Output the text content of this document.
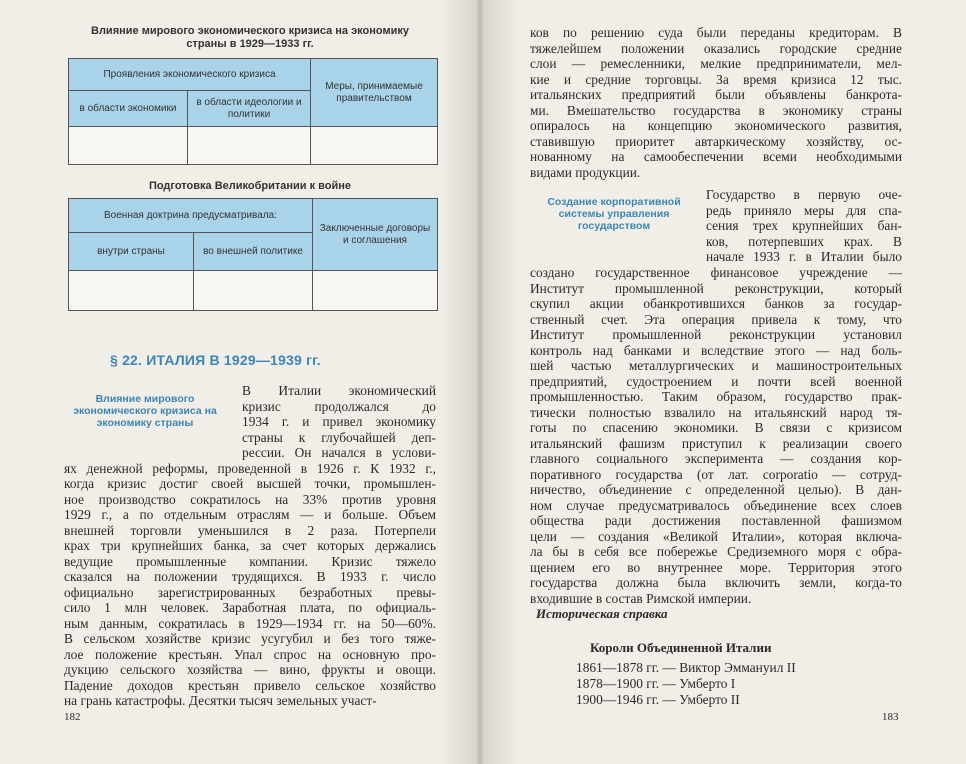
Влияние мирового экономического кризиса на экономику
страны в 1929—1933 гг.
Проявления экономического кризиса		Меры, принимаемые правительством
в области экономики	в области идеологии и политики	

Подготовка Великобритании к войне
Военная доктрина предусматривала:		Заключенные договоры и соглашения
внутри страны	во внешней политике	

§ 22. ИТАЛИЯ В 1929—1939 гг.
Влияние мирового экономического кризиса на экономику страны
В Италии экономический
кризис продолжался до
1934 г. и привел экономику
страны к глубочайшей деп-
рессии. Он начался в услови-
ях денежной реформы, проведенной в 1926 г. К 1932 г.,
когда кризис достиг своей высшей точки, промышлен-
ное производство сократилось на 33% против уровня
1929 г., а по отдельным отраслям — и больше. Объем
внешней торговли уменьшился в 2 раза. Потерпели
крах три крупнейших банка, за счет которых держались
ведущие промышленные компании. Кризис тяжело
сказался на положении трудящихся. В 1933 г. число
официально зарегистрированных безработных превы-
сило 1 млн человек. Заработная плата, по официаль-
ным данным, сократилась в 1929—1934 гг. на 50—60%.
В сельском хозяйстве кризис усугубил и без того тяже-
лое положение крестьян. Упал спрос на основную про-
дукцию сельского хозяйства — вино, фрукты и овощи.
Падение доходов крестьян привело сельское хозяйство
на грань катастрофы. Десятки тысяч земельных участ-
182
ков по решению суда были переданы кредиторам. В
тяжелейшем положении оказались городские средние
слои — ремесленники, мелкие предприниматели, мел-
кие и средние торговцы. За время кризиса 12 тыс.
итальянских предприятий были объявлены банкрота-
ми. Вмешательство государства в экономику страны
опиралось на концепцию экономического развития,
ставившую приоритет автаркическому хозяйству, ос-
нованному на самообеспечении всеми необходимыми
видами продукции.
Создание корпоративной системы управления государством
Государство в первую оче-
редь приняло меры для спа-
сения трех крупнейших бан-
ков, потерпевших крах. В
начале 1933 г. в Италии было
создано государственное финансовое учреждение —
Институт промышленной реконструкции, который
скупил акции обанкротившихся банков за государ-
ственный счет. Эта операция привела к тому, что
Институт промышленной реконструкции установил
контроль над банками и вследствие этого — над боль-
шей частью металлургических и машиностроительных
предприятий, судостроением и почти всей военной
промышленностью. Таким образом, государство прак-
тически полностью взвалило на итальянский народ тя-
готы по спасению экономики. В связи с кризисом
итальянский фашизм приступил к реализации своего
главного социального эксперимента — создания кор-
поративного государства (от лат. corporatio — сотруд-
ничество, объединение с определенной целью). В дан-
ном случае предусматривалось объединение всех слоев
общества ради достижения поставленной фашизмом
цели — создания «Великой Италии», которая включа-
ла бы в себя все побережье Средиземного моря с обра-
щением его во внутреннее море. Территория этого
государства должна была включить земли, когда-то
входившие в состав Римской империи.
183
Историческая справка
Короли Объединенной Италии
1861—1878 гг. — Виктор Эммануил II
1878—1900 гг. — Умберто I
1900—1946 гг. — Умберто II
